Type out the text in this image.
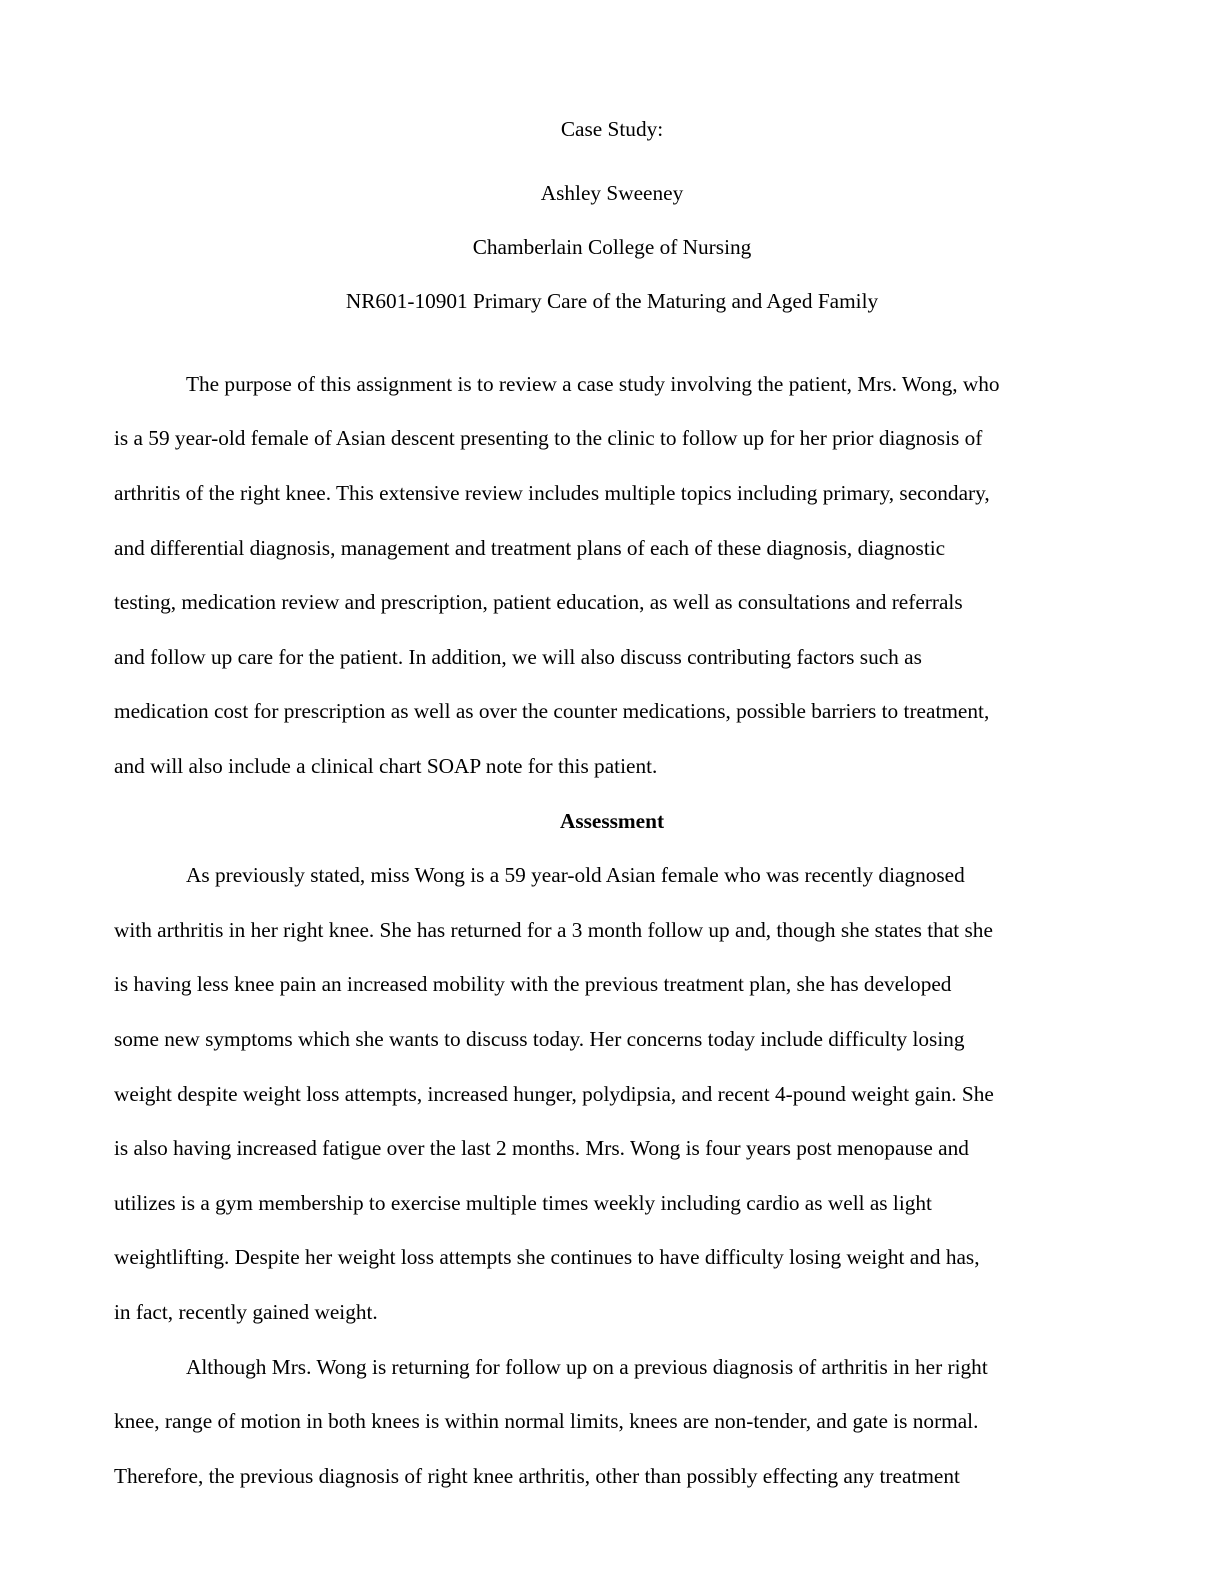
Case Study:
Ashley Sweeney
Chamberlain College of Nursing
NR601-10901 Primary Care of the Maturing and Aged Family
The purpose of this assignment is to review a case study involving the patient, Mrs. Wong, who
is a 59 year-old female of Asian descent presenting to the clinic to follow up for her prior diagnosis of
arthritis of the right knee. This extensive review includes multiple topics including primary, secondary,
and differential diagnosis, management and treatment plans of each of these diagnosis, diagnostic
testing, medication review and prescription, patient education, as well as consultations and referrals
and follow up care for the patient. In addition, we will also discuss contributing factors such as
medication cost for prescription as well as over the counter medications, possible barriers to treatment,
and will also include a clinical chart SOAP note for this patient.
Assessment
As previously stated, miss Wong is a 59 year-old Asian female who was recently diagnosed
with arthritis in her right knee. She has returned for a 3 month follow up and, though she states that she
is having less knee pain an increased mobility with the previous treatment plan, she has developed
some new symptoms which she wants to discuss today. Her concerns today include difficulty losing
weight despite weight loss attempts, increased hunger, polydipsia, and recent 4-pound weight gain. She
is also having increased fatigue over the last 2 months. Mrs. Wong is four years post menopause and
utilizes is a gym membership to exercise multiple times weekly including cardio as well as light
weightlifting. Despite her weight loss attempts she continues to have difficulty losing weight and has,
in fact, recently gained weight.
Although Mrs. Wong is returning for follow up on a previous diagnosis of arthritis in her right
knee, range of motion in both knees is within normal limits, knees are non-tender, and gate is normal.
Therefore, the previous diagnosis of right knee arthritis, other than possibly effecting any treatment
